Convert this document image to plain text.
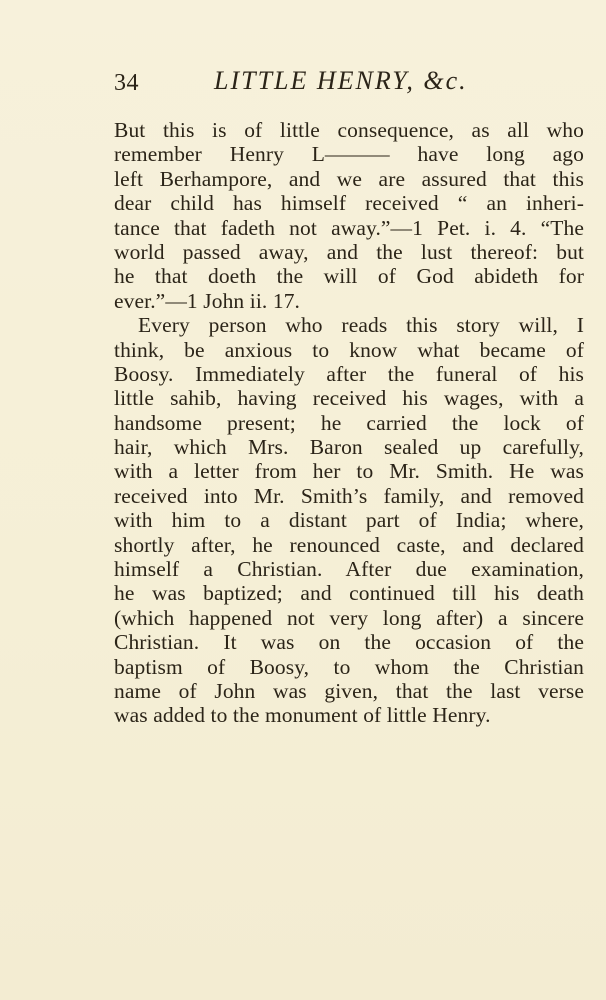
34	LITTLE HENRY, &c.
But this is of little consequence, as all who
remember Henry L——— have long ago
left Berhampore, and we are assured that this
dear child has himself received “ an inheri-
tance that fadeth not away.”—1 Pet. i. 4. “The
world passed away, and the lust thereof: but
he that doeth the will of God abideth for
ever.”—1 John ii. 17.
Every person who reads this story will, I
think, be anxious to know what became of
Boosy. Immediately after the funeral of his
little sahib, having received his wages, with a
handsome present; he carried the lock of
hair, which Mrs. Baron sealed up carefully,
with a letter from her to Mr. Smith. He was
received into Mr. Smith’s family, and removed
with him to a distant part of India; where,
shortly after, he renounced caste, and declared
himself a Christian. After due examination,
he was baptized; and continued till his death
(which happened not very long after) a sincere
Christian. It was on the occasion of the
baptism of Boosy, to whom the Christian
name of John was given, that the last verse
was added to the monument of little Henry.
